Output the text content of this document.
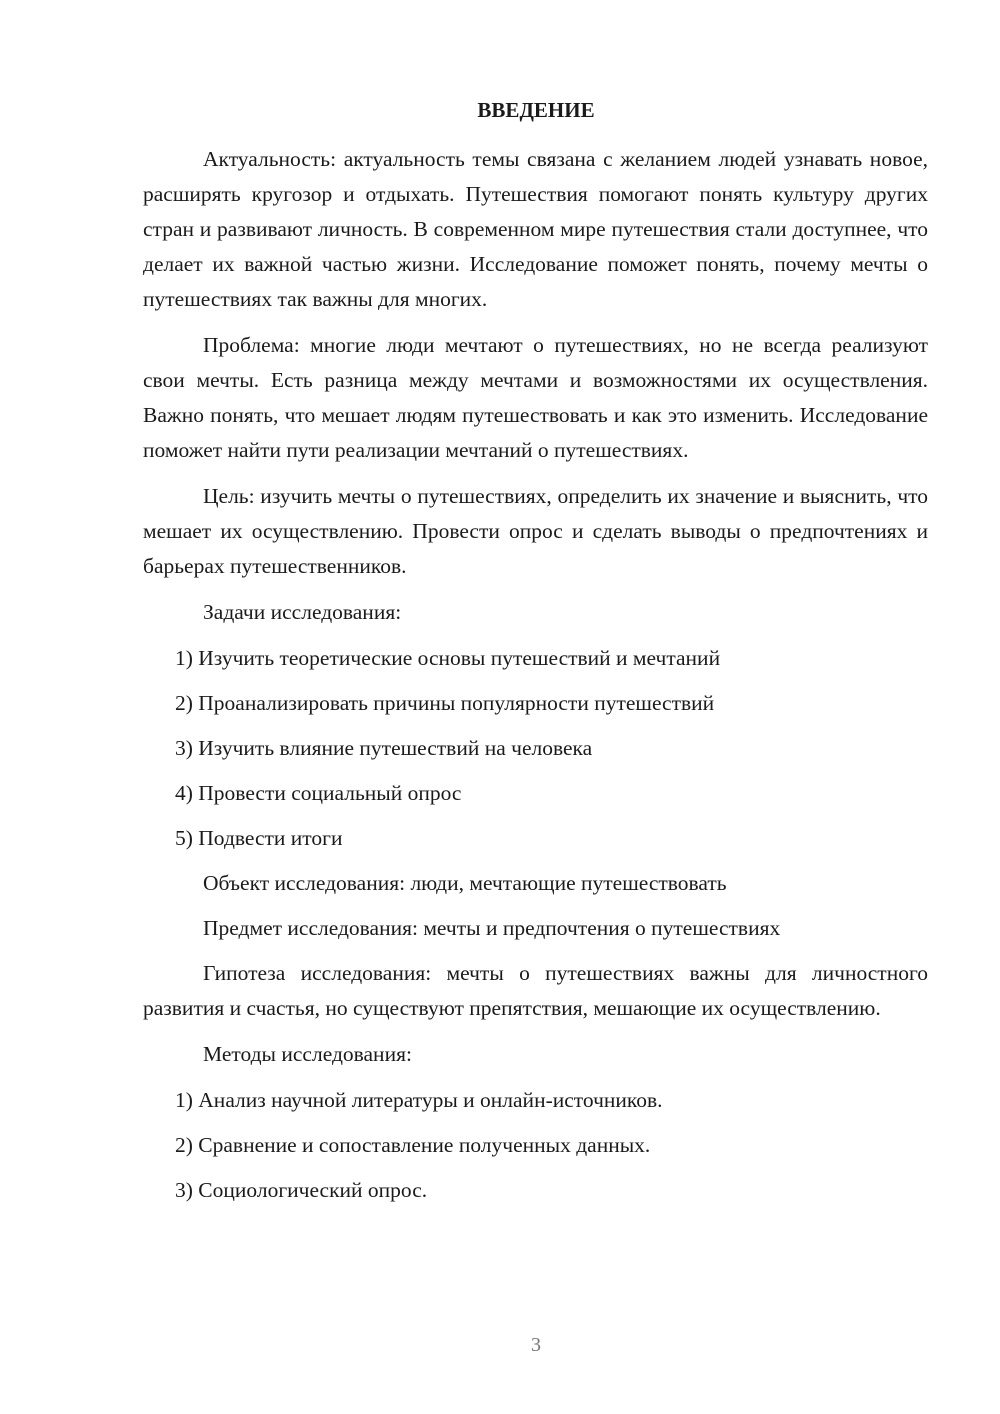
ВВЕДЕНИЕ

Актуальность: актуальность темы связана с желанием людей узнавать новое, расширять кругозор и отдыхать. Путешествия помогают понять культуру других стран и развивают личность. В современном мире путешествия стали доступнее, что делает их важной частью жизни. Исследование поможет понять, почему мечты о путешествиях так важны для многих.

Проблема: многие люди мечтают о путешествиях, но не всегда реализуют свои мечты. Есть разница между мечтами и возможностями их осуществления. Важно понять, что мешает людям путешествовать и как это изменить. Исследование поможет найти пути реализации мечтаний о путешествиях.

Цель: изучить мечты о путешествиях, определить их значение и выяснить, что мешает их осуществлению. Провести опрос и сделать выводы о предпочтениях и барьерах путешественников.

Задачи исследования:

1) Изучить теоретические основы путешествий и мечтаний
2) Проанализировать причины популярности путешествий
3) Изучить влияние путешествий на человека
4) Провести социальный опрос
5) Подвести итоги

Объект исследования: люди, мечтающие путешествовать

Предмет исследования: мечты и предпочтения о путешествиях

Гипотеза исследования: мечты о путешествиях важны для личностного развития и счастья, но существуют препятствия, мешающие их осуществлению.

Методы исследования:

1) Анализ научной литературы и онлайн-источников.
2) Сравнение и сопоставление полученных данных.
3) Социологический опрос.
3
